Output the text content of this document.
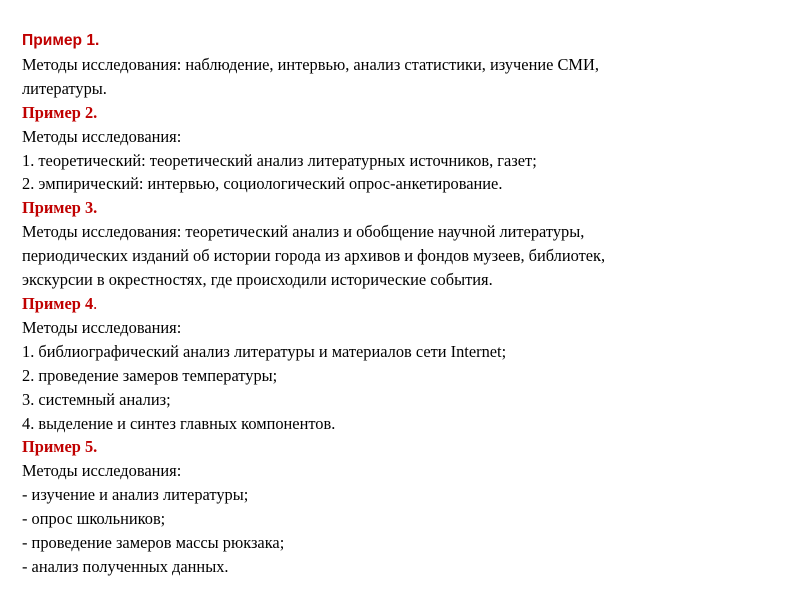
Пример 1.
Методы исследования: наблюдение, интервью, анализ статистики, изучение СМИ,
литературы.
Пример 2.
Методы исследования:
1. теоретический: теоретический анализ литературных источников, газет;
2. эмпирический: интервью, социологический опрос-анкетирование.
Пример 3.
Методы исследования: теоретический анализ и обобщение научной литературы,
периодических изданий об истории города из архивов и фондов музеев, библиотек,
экскурсии в окрестностях, где происходили исторические события.
Пример 4.
Методы исследования:
1. библиографический анализ литературы и материалов сети Internet;
2. проведение замеров температуры;
3. системный анализ;
4. выделение и синтез главных компонентов.
Пример 5.
Методы исследования:
- изучение и анализ литературы;
- опрос школьников;
- проведение замеров массы рюкзака;
- анализ полученных данных.
